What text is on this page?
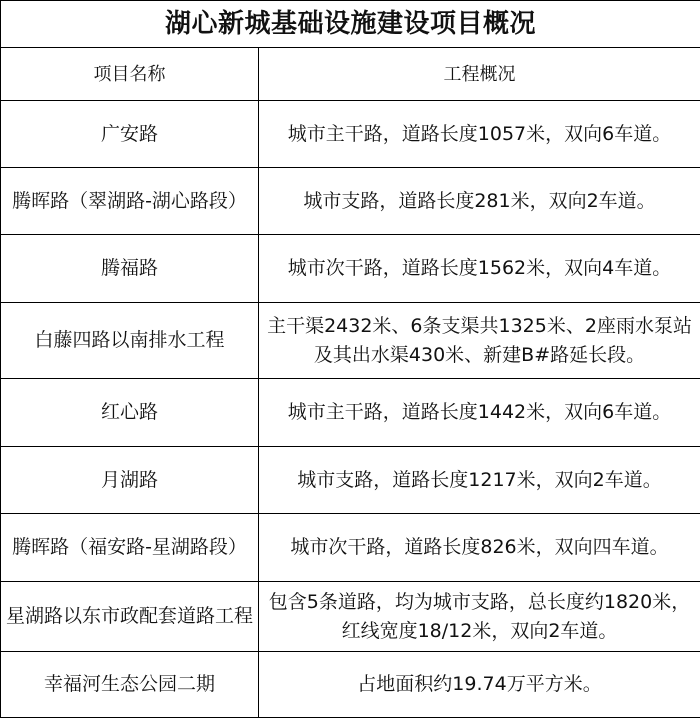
湖心新城基础设施建设项目概况	
项目名称	工程概况
广安路	城市主干路，道路长度1057米，双向6车道。
腾晖路（翠湖路-湖心路段）	城市支路，道路长度281米，双向2车道。
腾福路	城市次干路，道路长度1562米，双向4车道。
白藤四路以南排水工程	主干渠2432米、6条支渠共1325米、2座雨水泵站及其出水渠430米、新建B#路延长段。
红心路	城市主干路，道路长度1442米，双向6车道。
月湖路	城市支路，道路长度1217米，双向2车道。
腾晖路（福安路-星湖路段）	城市次干路，道路长度826米，双向四车道。
星湖路以东市政配套道路工程	包含5条道路，均为城市支路，总长度约1820米，红线宽度18/12米，双向2车道。
幸福河生态公园二期	占地面积约19.74万平方米。
